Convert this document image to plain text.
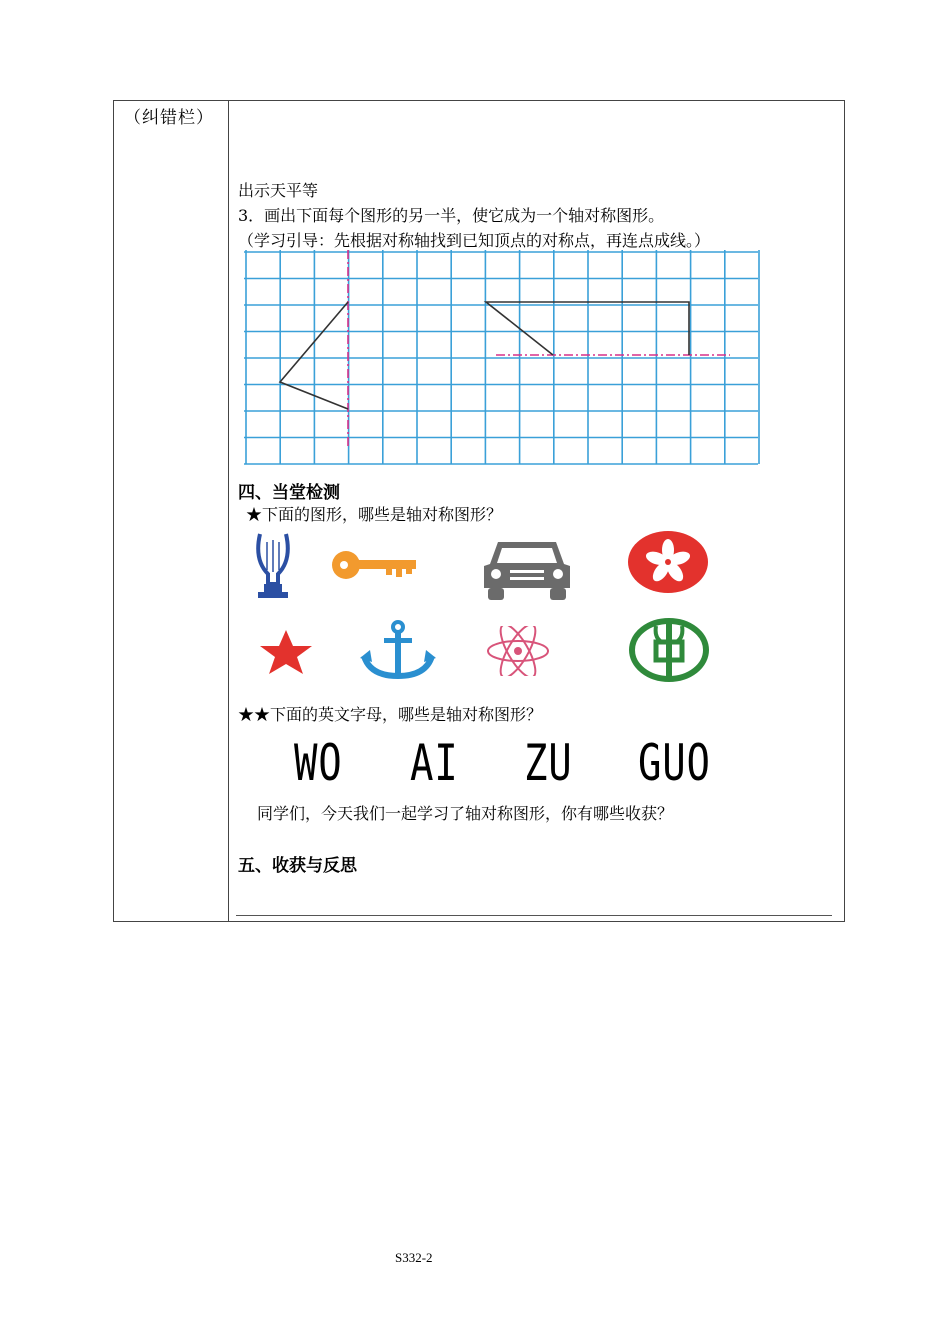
（纠错栏）
出示天平等
3．画出下面每个图形的另一半，使它成为一个轴对称图形。
（学习引导：先根据对称轴找到已知顶点的对称点，再连点成线。）
四、当堂检测
★下面的图形，哪些是轴对称图形？
★★下面的英文字母，哪些是轴对称图形？
WO AI ZU GUO
同学们，今天我们一起学习了轴对称图形，你有哪些收获？
五、收获与反思
S332-2
